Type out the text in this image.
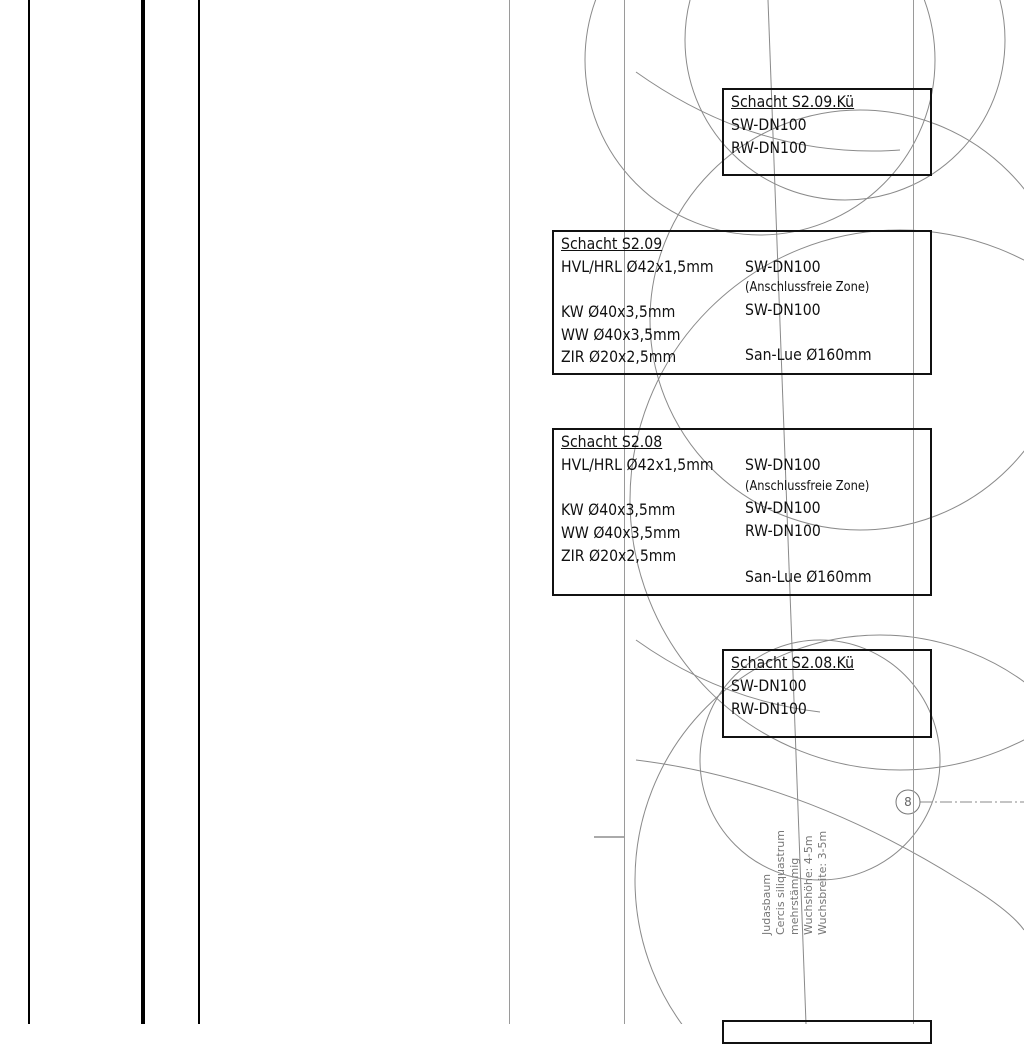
8
Schacht S2.09.Kü
SW-DN100
RW-DN100
Schacht S2.09
HVL/HRL Ø42x1,5mm
KW Ø40x3,5mm
WW Ø40x3,5mm
ZIR Ø20x2,5mm
SW-DN100
(Anschlussfreie Zone)
SW-DN100
San-Lue Ø160mm
Schacht S2.08
HVL/HRL Ø42x1,5mm
KW Ø40x3,5mm
WW Ø40x3,5mm
ZIR Ø20x2,5mm
SW-DN100
(Anschlussfreie Zone)
SW-DN100
RW-DN100
San-Lue Ø160mm
Schacht S2.08.Kü
SW-DN100
RW-DN100
Judasbaum Cercis siliquastrum mehrstämmig Wuchshöhe: 4-5m Wuchsbreite: 3-5m
